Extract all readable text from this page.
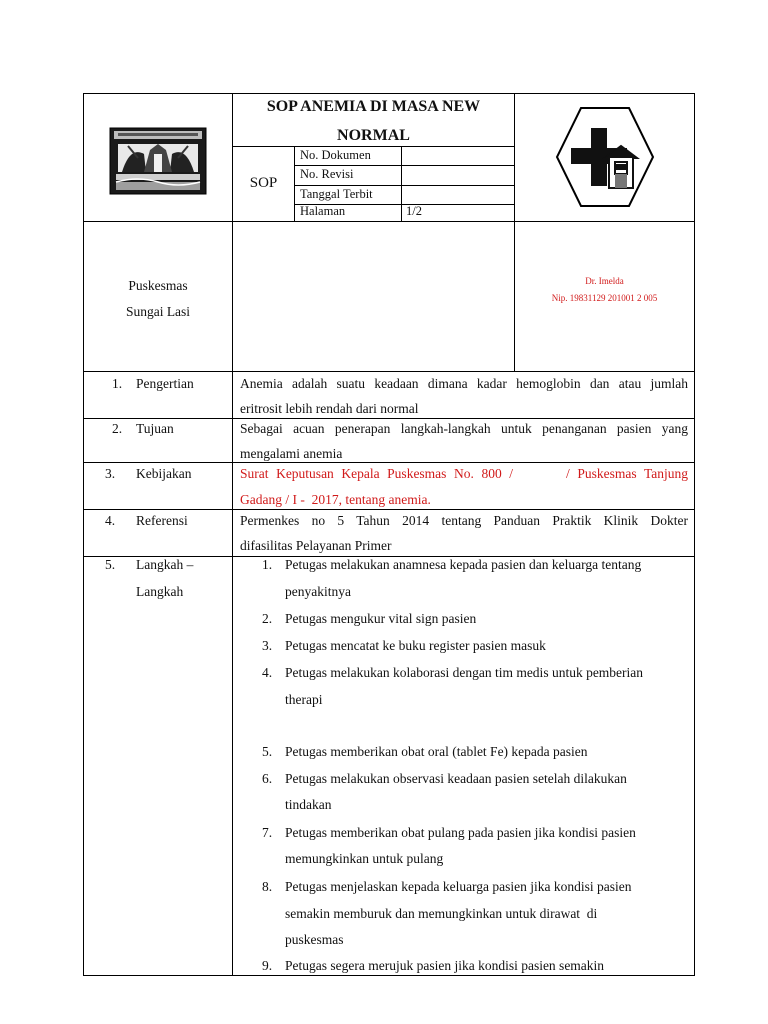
SOP ANEMIA DI MASA NEW
NORMAL
SOP
No. Dokumen
No. Revisi
Tanggal Terbit
Halaman	1/2
Puskesmas
Sungai Lasi
Dr. Imelda
Nip. 19831129 201001 2 005
1. Pengertian	Anemia adalah suatu keadaan dimana kadar hemoglobin dan atau jumlah
eritrosit lebih rendah dari normal
2. Tujuan	Sebagai acuan penerapan langkah-langkah untuk penanganan pasien yang
mengalami anemia
3. Kebijakan	Surat Keputusan Kepala Puskesmas No. 800 /       / Puskesmas Tanjung
Gadang / I -  2017, tentang anemia.
4. Referensi	Permenkes no 5 Tahun 2014 tentang Panduan Praktik Klinik Dokter
difasilitas Pelayanan Primer
5. Langkah –
Langkah
1. Petugas melakukan anamnesa kepada pasien dan keluarga tentang
penyakitnya
2. Petugas mengukur vital sign pasien
3. Petugas mencatat ke buku register pasien masuk
4. Petugas melakukan kolaborasi dengan tim medis untuk pemberian
therapi
5. Petugas memberikan obat oral (tablet Fe) kepada pasien
6. Petugas melakukan observasi keadaan pasien setelah dilakukan
tindakan
7. Petugas memberikan obat pulang pada pasien jika kondisi pasien
memungkinkan untuk pulang
8. Petugas menjelaskan kepada keluarga pasien jika kondisi pasien
semakin memburuk dan memungkinkan untuk dirawat  di
puskesmas
9. Petugas segera merujuk pasien jika kondisi pasien semakin
